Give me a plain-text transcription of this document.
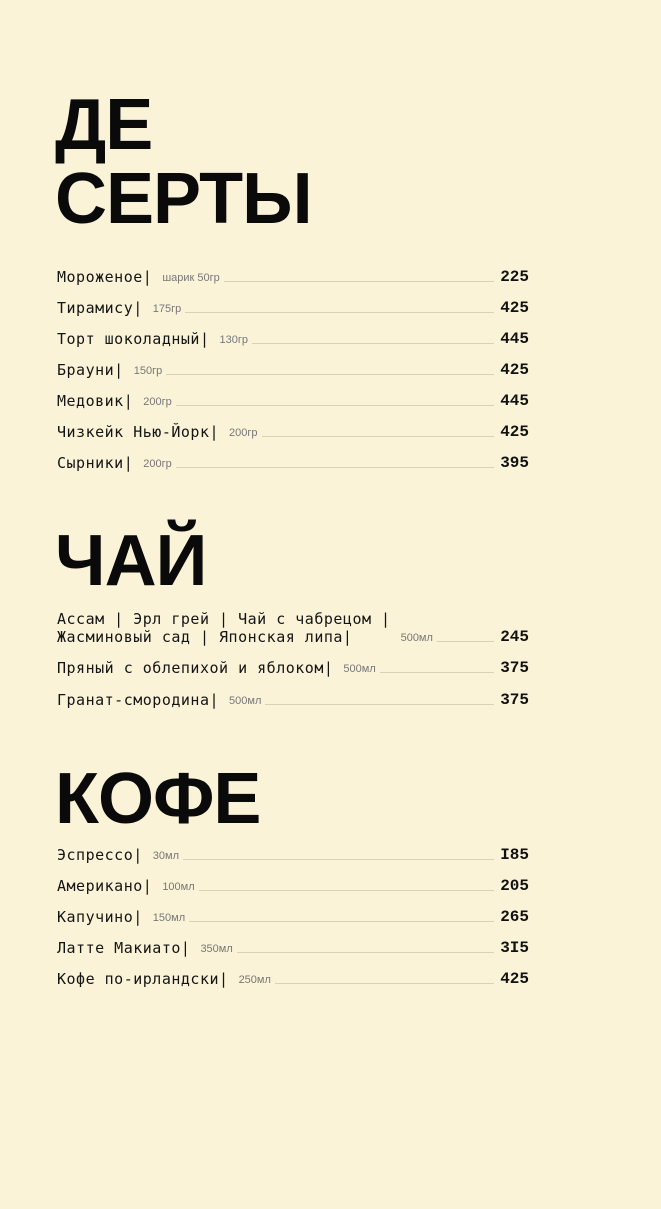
ДЕ
СЕРТЫ
Мороженое| шарик 50гр	225
Тирамису| 175гр	425
Торт шоколадный| 130гр	445
Брауни| 150гр	425
Медовик| 200гр	445
Чизкейк Нью-Йорк| 200гр	425
Сырники| 200гр	395
ЧАЙ
Ассам | Эрл грей | Чай с чабрецом |
Жасминовый сад | Японская липа|	500мл	245
Пряный с облепихой и яблоком| 500мл	375
Гранат-смородина| 500мл	375
КОФЕ
Эспрессо| 30мл	I85
Американо| 100мл	205
Капучино| 150мл	265
Латте Макиато| 350мл	3I5
Кофе по-ирландски| 250мл	425
